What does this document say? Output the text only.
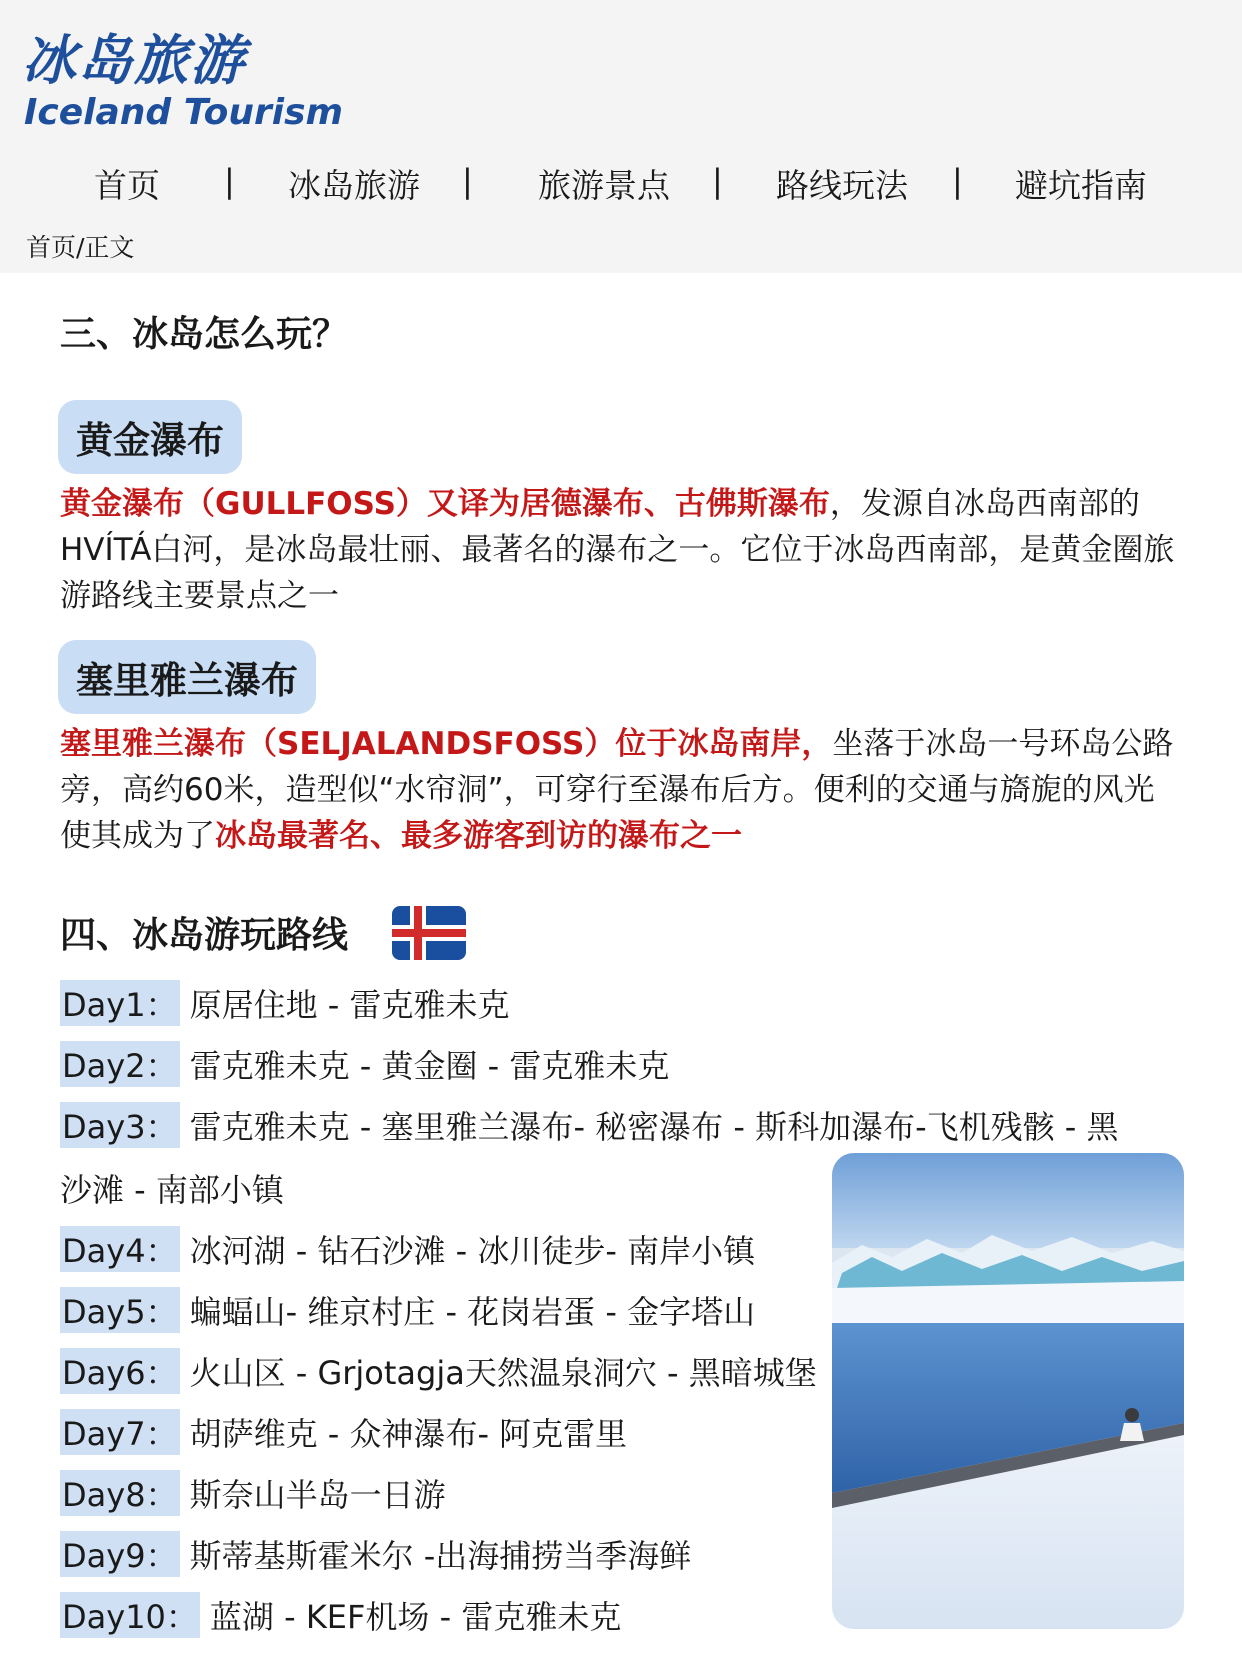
冰岛旅游
Iceland Tourism
首页 | 冰岛旅游 | 旅游景点 | 路线玩法 | 避坑指南
首页/正文
三、冰岛怎么玩？
黄金瀑布
黄金瀑布（GULLFOSS）又译为居德瀑布、古佛斯瀑布，发源自冰岛西南部的HVÍTÁ白河，是冰岛最壮丽、最著名的瀑布之一。它位于冰岛西南部，是黄金圈旅游路线主要景点之一
塞里雅兰瀑布
塞里雅兰瀑布（SELJALANDSFOSS）位于冰岛南岸，坐落于冰岛一号环岛公路旁，高约60米，造型似“水帘洞”，可穿行至瀑布后方。便利的交通与旖旎的风光使其成为了冰岛最著名、最多游客到访的瀑布之一
四、冰岛游玩路线
Day1： 原居住地 - 雷克雅未克
Day2： 雷克雅未克 - 黄金圈 - 雷克雅未克
Day3： 雷克雅未克 - 塞里雅兰瀑布- 秘密瀑布 - 斯科加瀑布-飞机残骸 - 黑
沙滩 - 南部小镇
Day4： 冰河湖 - 钻石沙滩 - 冰川徒步- 南岸小镇
Day5： 蝙蝠山- 维京村庄 - 花岗岩蛋 - 金字塔山
Day6： 火山区 - Grjotagja天然温泉洞穴 - 黑暗城堡
Day7： 胡萨维克 - 众神瀑布- 阿克雷里
Day8： 斯奈山半岛一日游
Day9： 斯蒂基斯霍米尔 -出海捕捞当季海鲜
Day10： 蓝湖 - KEF机场 - 雷克雅未克
